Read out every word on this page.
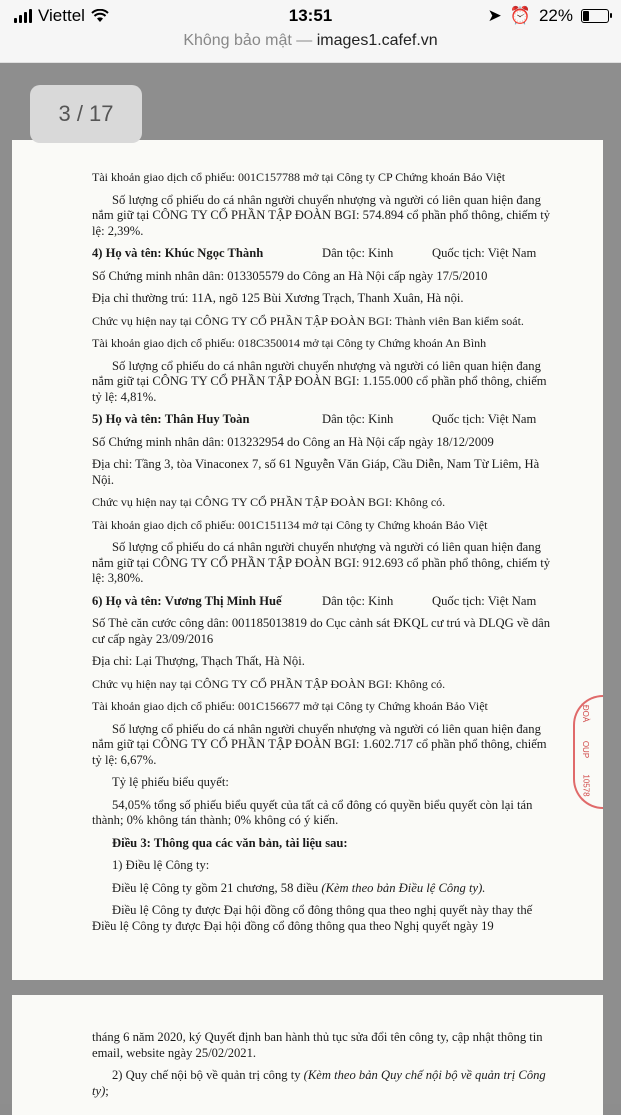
Viettel	13:51	➤ ⏰ 22%
Không bảo mật — images1.cafef.vn

Tài khoản giao dịch cổ phiếu: 001C157788 mở tại Công ty CP Chứng khoán Bảo Việt

Số lượng cổ phiếu do cá nhân người chuyển nhượng và người có liên quan hiện đang nắm giữ tại CÔNG TY CỔ PHẦN TẬP ĐOÀN BGI: 574.894 cổ phần phổ thông, chiếm tỷ lệ: 2,39%.

4) Họ và tên: Khúc Ngọc Thành	Dân tộc: Kinh	Quốc tịch: Việt Nam

Số Chứng minh nhân dân: 013305579 do Công an Hà Nội cấp ngày 17/5/2010

Địa chỉ thường trú: 11A, ngõ 125 Bùi Xương Trạch, Thanh Xuân, Hà nội.

Chức vụ hiện nay tại CÔNG TY CỔ PHẦN TẬP ĐOÀN BGI: Thành viên Ban kiểm soát.

Tài khoản giao dịch cổ phiếu: 018C350014 mở tại Công ty Chứng khoán An Bình

Số lượng cổ phiếu do cá nhân người chuyển nhượng và người có liên quan hiện đang nắm giữ tại CÔNG TY CỔ PHẦN TẬP ĐOÀN BGI: 1.155.000 cổ phần phổ thông, chiếm tỷ lệ: 4,81%.

5) Họ và tên: Thân Huy Toàn	Dân tộc: Kinh	Quốc tịch: Việt Nam

Số Chứng minh nhân dân: 013232954 do Công an Hà Nội cấp ngày 18/12/2009

Địa chỉ: Tầng 3, tòa Vinaconex 7, số 61 Nguyễn Văn Giáp, Cầu Diễn, Nam Từ Liêm, Hà Nội.

Chức vụ hiện nay tại CÔNG TY CỔ PHẦN TẬP ĐOÀN BGI: Không có.

Tài khoản giao dịch cổ phiếu: 001C151134 mở tại Công ty Chứng khoán Bảo Việt

Số lượng cổ phiếu do cá nhân người chuyển nhượng và người có liên quan hiện đang nắm giữ tại CÔNG TY CỔ PHẦN TẬP ĐOÀN BGI: 912.693 cổ phần phổ thông, chiếm tỷ lệ: 3,80%.

6) Họ và tên: Vương Thị Minh Huế	Dân tộc: Kinh	Quốc tịch: Việt Nam

Số Thẻ căn cước công dân: 001185013819 do Cục cảnh sát ĐKQL cư trú và DLQG về dân cư cấp ngày 23/09/2016

Địa chỉ: Lại Thượng, Thạch Thất, Hà Nội.

Chức vụ hiện nay tại CÔNG TY CỔ PHẦN TẬP ĐOÀN BGI: Không có.

Tài khoản giao dịch cổ phiếu: 001C156677 mở tại Công ty Chứng khoán Bảo Việt

Số lượng cổ phiếu do cá nhân người chuyển nhượng và người có liên quan hiện đang nắm giữ tại CÔNG TY CỔ PHẦN TẬP ĐOÀN BGI: 1.602.717 cổ phần phổ thông, chiếm tỷ lệ: 6,67%.

Tỷ lệ phiếu biểu quyết:

54,05% tổng số phiếu biểu quyết của tất cả cổ đông có quyền biểu quyết còn lại tán thành; 0% không tán thành; 0% không có ý kiến.

Điều 3: Thông qua các văn bản, tài liệu sau:

1) Điều lệ Công ty:

Điều lệ Công ty gồm 21 chương, 58 điều (Kèm theo bản Điều lệ Công ty).

Điều lệ Công ty được Đại hội đồng cổ đông thông qua theo nghị quyết này thay thế Điều lệ Công ty được Đại hội đồng cổ đông thông qua theo Nghị quyết ngày 19

ĐOÀ
OUP
10578

tháng 6 năm 2020, ký Quyết định ban hành thủ tục sửa đổi tên công ty, cập nhật thông tin email, website ngày 25/02/2021.

2) Quy chế nội bộ về quản trị công ty (Kèm theo bản Quy chế nội bộ về quản trị Công ty);

3 / 17
